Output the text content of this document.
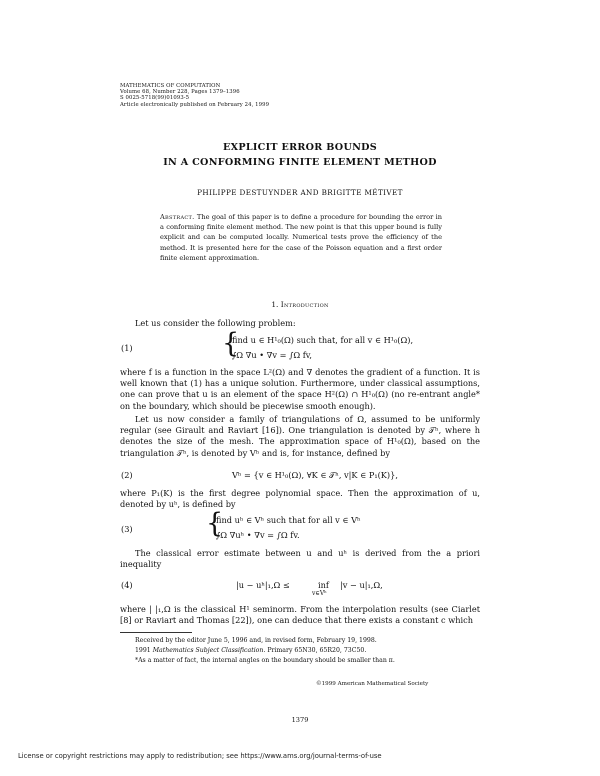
MATHEMATICS OF COMPUTATION
Volume 68, Number 228, Pages 1379–1396
S 0025-5718(99)01093-5
Article electronically published on February 24, 1999
EXPLICIT ERROR BOUNDS
IN A CONFORMING FINITE ELEMENT METHOD
PHILIPPE DESTUYNDER AND BRIGITTE MÉTIVET
Abstract. The goal of this paper is to define a procedure for bounding the error in a conforming finite element method. The new point is that this upper bound is fully explicit and can be computed locally. Numerical tests prove the efficiency of the method. It is presented here for the case of the Poisson equation and a first order finite element approximation.
1. Introduction
Let us consider the following problem:
(1)	{
find u ∈ H¹₀(Ω) such that, for all v ∈ H¹₀(Ω),
∫Ω ∇u • ∇v = ∫Ω fv,
where f is a function in the space L²(Ω) and ∇ denotes the gradient of a function. It is well known that (1) has a unique solution. Furthermore, under classical assumptions, one can prove that u is an element of the space H²(Ω) ∩ H¹₀(Ω) (no re-entrant angle* on the boundary, which should be piecewise smooth enough).
Let us now consider a family of triangulations of Ω, assumed to be uniformly regular (see Girault and Raviart [16]). One triangulation is denoted by 𝒯ʰ, where h denotes the size of the mesh. The approximation space of H¹₀(Ω), based on the triangulation 𝒯ʰ, is denoted by Vʰ and is, for instance, defined by
(2)	Vʰ = {v ∈ H¹₀(Ω), ∀K ∈ 𝒯ʰ, v|K ∈ P₁(K)},
where P₁(K) is the first degree polynomial space. Then the approximation of u, denoted by uʰ, is defined by
(3)	{
find uʰ ∈ Vʰ such that for all v ∈ Vʰ
∫Ω ∇uʰ • ∇v = ∫Ω fv.
The classical error estimate between u and uʰ is derived from the a priori inequality
(4)	|u − uʰ|₁,Ω ≤	inf
v∈Vʰ
|v − u|₁,Ω,
where | |₁,Ω is the classical H¹ seminorm. From the interpolation results (see Ciarlet [8] or Raviart and Thomas [22]), one can deduce that there exists a constant c which
Received by the editor June 5, 1996 and, in revised form, February 19, 1998.
1991 Mathematics Subject Classification. Primary 65N30, 65R20, 73C50.
*As a matter of fact, the internal angles on the boundary should be smaller than π.
©1999 American Mathematical Society
1379
License or copyright restrictions may apply to redistribution; see https://www.ams.org/journal-terms-of-use
